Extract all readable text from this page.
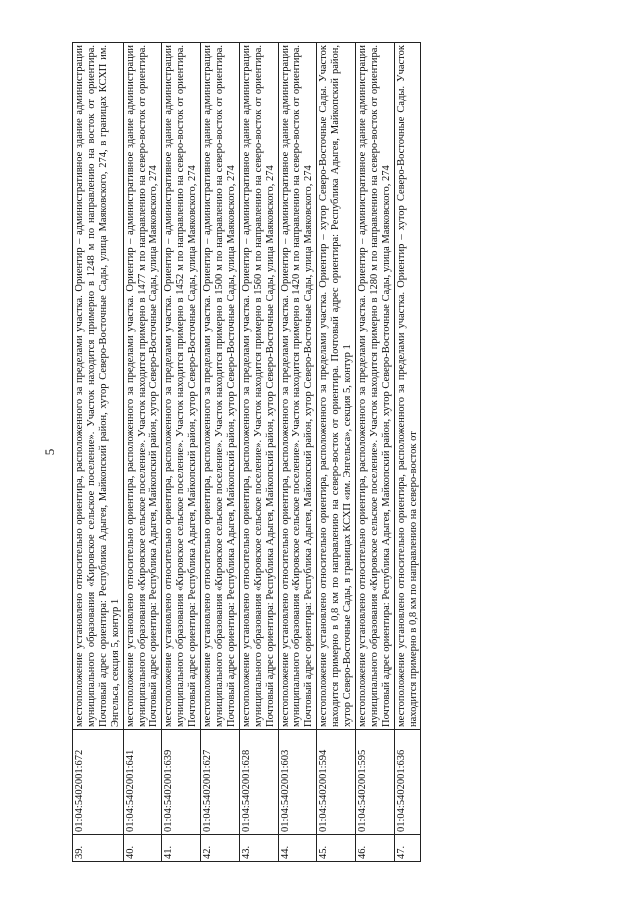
5
39.	01:04:5402001:672	местоположение установлено относительно ориентира, расположенного за пределами участка. Ориентир – административное здание администрации муниципального образования «Кировское сельское поселение». Участок находится примерно в 1248 м по направлению на восток от ориентира. Почтовый адрес ориентира: Республика Адыгея, Майкопский район, хутор Северо-Восточные Сады, улица Маяковского, 274, в границах КСХП им. Энгельса, секция 5, контур 1
40.	01:04:5402001:641	местоположение установлено относительно ориентира, расположенного за пределами участка. Ориентир – административное здание администрации муниципального образования «Кировское сельское поселение». Участок находится примерно в 1477 м по направлению на северо-восток от ориентира. Почтовый адрес ориентира: Республика Адыгея, Майкопский район, хутор Северо-Восточные Сады, улица Маяковского, 274
41.	01:04:5402001:639	местоположение установлено относительно ориентира, расположенного за пределами участка. Ориентир – административное здание администрации муниципального образования «Кировское сельское поселение». Участок находится примерно в 1452 м по направлению на северо-восток от ориентира. Почтовый адрес ориентира: Республика Адыгея, Майкопский район, хутор Северо-Восточные Сады, улица Маяковского, 274
42.	01:04:5402001:627	местоположение установлено относительно ориентира, расположенного за пределами участка. Ориентир – административное здание администрации муниципального образования «Кировское сельское поселение». Участок находится примерно в 1500 м по направлению на северо-восток от ориентира. Почтовый адрес ориентира: Республика Адыгея, Майкопский район, хутор Северо-Восточные Сады, улица Маяковского, 274
43.	01:04:5402001:628	местоположение установлено относительно ориентира, расположенного за пределами участка. Ориентир – административное здание администрации муниципального образования «Кировское сельское поселение». Участок находится примерно в 1560 м по направлению на северо-восток от ориентира. Почтовый адрес ориентира: Республика Адыгея, Майкопский район, хутор Северо-Восточные Сады, улица Маяковского, 274
44.	01:04:5402001:603	местоположение установлено относительно ориентира, расположенного за пределами участка. Ориентир – административное здание администрации муниципального образования «Кировское сельское поселение». Участок находится примерно в 1420 м по направлению на северо-восток от ориентира. Почтовый адрес ориентира: Республика Адыгея, Майкопский район, хутор Северо-Восточные Сады, улица Маяковского, 274
45.	01:04:5402001:594	местоположение установлено относительно ориентира, расположенного за пределами участка. Ориентир – хутор Северо-Восточные Сады. Участок находится примерно в 0,8 км по направлению на северо-восток от ориентира. Почтовый адрес ориентира: Республика Адыгея, Майкопский район, хутор Северо-Восточные Сады, в границах КСХП «им. Энгельса», секция 5, контур 1
46.	01:04:5402001:595	местоположение установлено относительно ориентира, расположенного за пределами участка. Ориентир – административное здание администрации муниципального образования «Кировское сельское поселение». Участок находится примерно в 1280 м по направлению на северо-восток от ориентира. Почтовый адрес ориентира: Республика Адыгея, Майкопский район, хутор Северо-Восточные Сады, улица Маяковского, 274
47.	01:04:5402001:636	местоположение установлено относительно ориентира, расположенного за пределами участка. Ориентир – хутор Северо-Восточные Сады. Участок находится примерно в 0,8 км по направлению на северо-восток от
